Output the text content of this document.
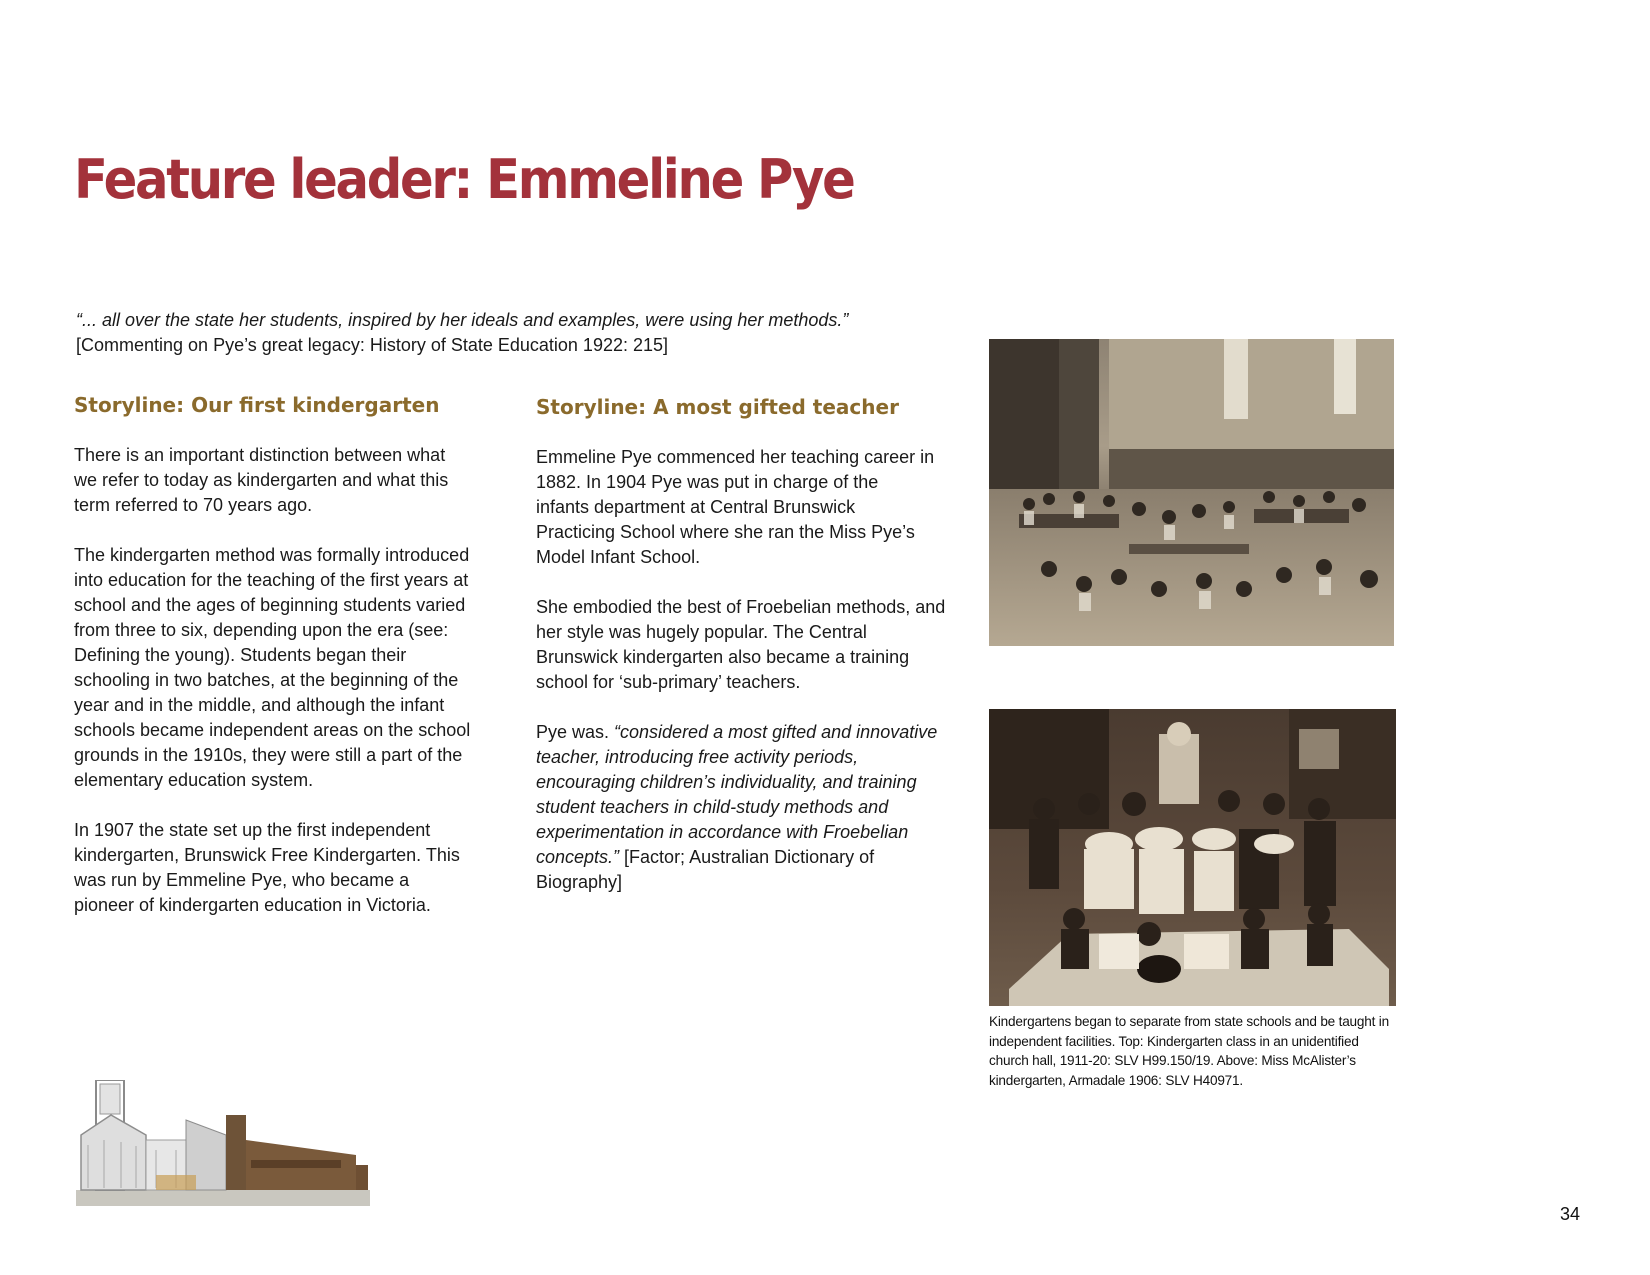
Feature leader: Emmeline Pye
“... all over the state her students, inspired by her ideals and examples, were using her methods.”
[Commenting on Pye’s great legacy: History of State Education 1922: 215]
Storyline: Our first kindergarten

There is an important distinction between what we refer to today as kindergarten and what this term referred to 70 years ago.

The kindergarten method was formally introduced into education for the teaching of the first years at school and the ages of beginning students varied from three to six, depending upon the era (see: Defining the young). Students began their schooling in two batches, at the beginning of the year and in the middle, and although the infant schools became independent areas on the school grounds in the 1910s, they were still a part of the elementary education system.

In 1907 the state set up the first independent kindergarten, Brunswick Free Kindergarten. This was run by Emmeline Pye, who became a pioneer of kindergarten education in Victoria.

Storyline: A most gifted teacher

Emmeline Pye commenced her teaching career in 1882. In 1904 Pye was put in charge of the infants department at Central Brunswick Practicing School where she ran the Miss Pye’s Model Infant School.

She embodied the best of Froebelian methods, and her style was hugely popular. The Central Brunswick kindergarten also became a training school for ‘sub-primary’ teachers.

Pye was. “considered a most gifted and innovative teacher, introducing free activity periods, encouraging children’s individuality, and training student teachers in child-study methods and experimentation in accordance with Froebelian concepts.” [Factor; Australian Dictionary of Biography]

Kindergartens began to separate from state schools and be taught in independent facilities. Top: Kindergarten class in an unidentified church hall, 1911-20: SLV H99.150/19. Above: Miss McAlister’s kindergarten, Armadale 1906: SLV H40971.
34
